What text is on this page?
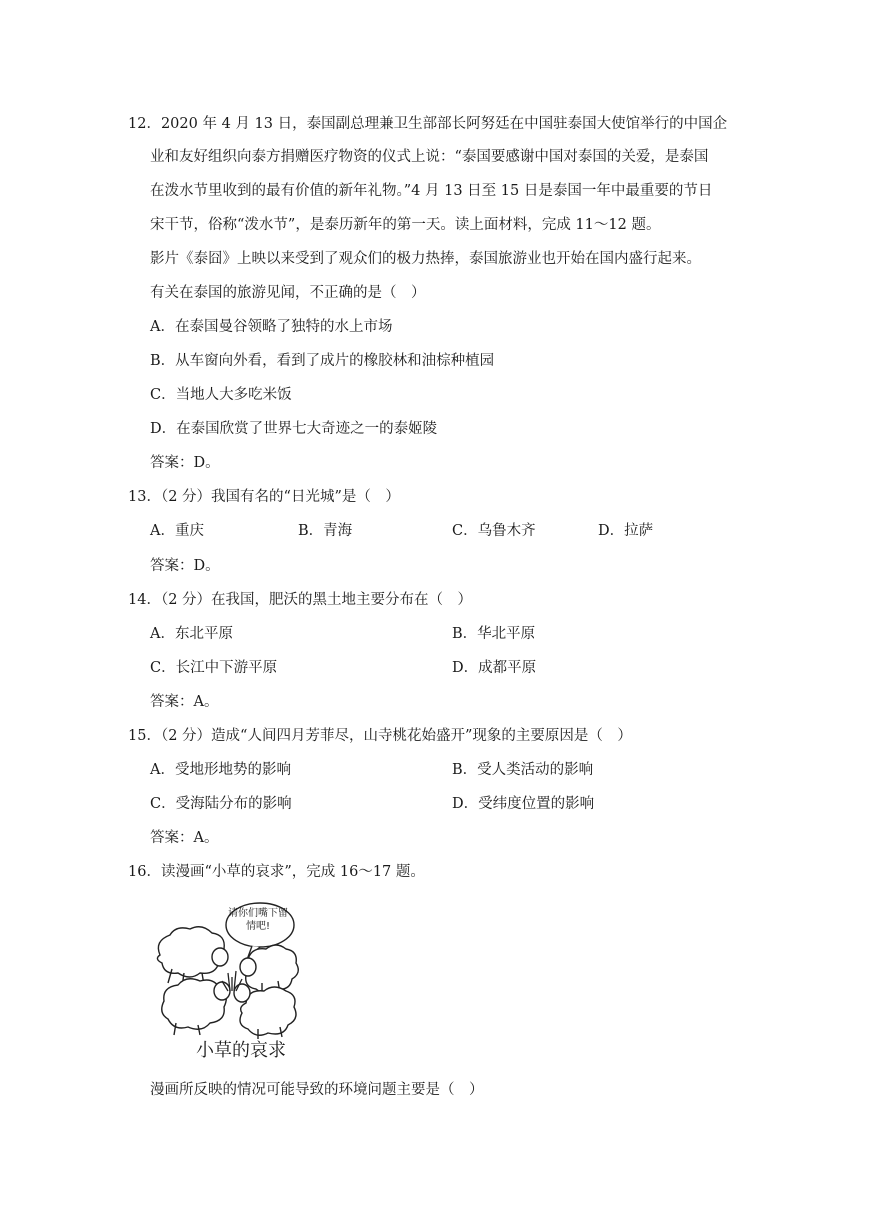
12．2020 年 4 月 13 日，泰国副总理兼卫生部部长阿努廷在中国驻泰国大使馆举行的中国企
业和友好组织向泰方捐赠医疗物资的仪式上说：“泰国要感谢中国对泰国的关爱，是泰国
在泼水节里收到的最有价值的新年礼物。”4 月 13 日至 15 日是泰国一年中最重要的节日
宋干节，俗称“泼水节”，是泰历新年的第一天。读上面材料，完成 11～12 题。
影片《泰囧》上映以来受到了观众们的极力热捧，泰国旅游业也开始在国内盛行起来。
有关在泰国的旅游见闻，不正确的是（　）
A．在泰国曼谷领略了独特的水上市场
B．从车窗向外看，看到了成片的橡胶林和油棕种植园
C．当地人大多吃米饭
D．在泰国欣赏了世界七大奇迹之一的泰姬陵
答案：D。
13．（2 分）我国有名的“日光城”是（　）
A．重庆	B．青海	C．乌鲁木齐	D．拉萨
答案：D。
14．（2 分）在我国，肥沃的黑土地主要分布在（　）
A．东北平原	B．华北平原
C．长江中下游平原	D．成都平原
答案：A。
15．（2 分）造成“人间四月芳菲尽，山寺桃花始盛开”现象的主要原因是（　）
A．受地形地势的影响	B．受人类活动的影响
C．受海陆分布的影响	D．受纬度位置的影响
答案：A。
16．读漫画“小草的哀求”，完成 16～17 题。
请你们嘴下留情吧!
小草的哀求
漫画所反映的情况可能导致的环境问题主要是（　）
